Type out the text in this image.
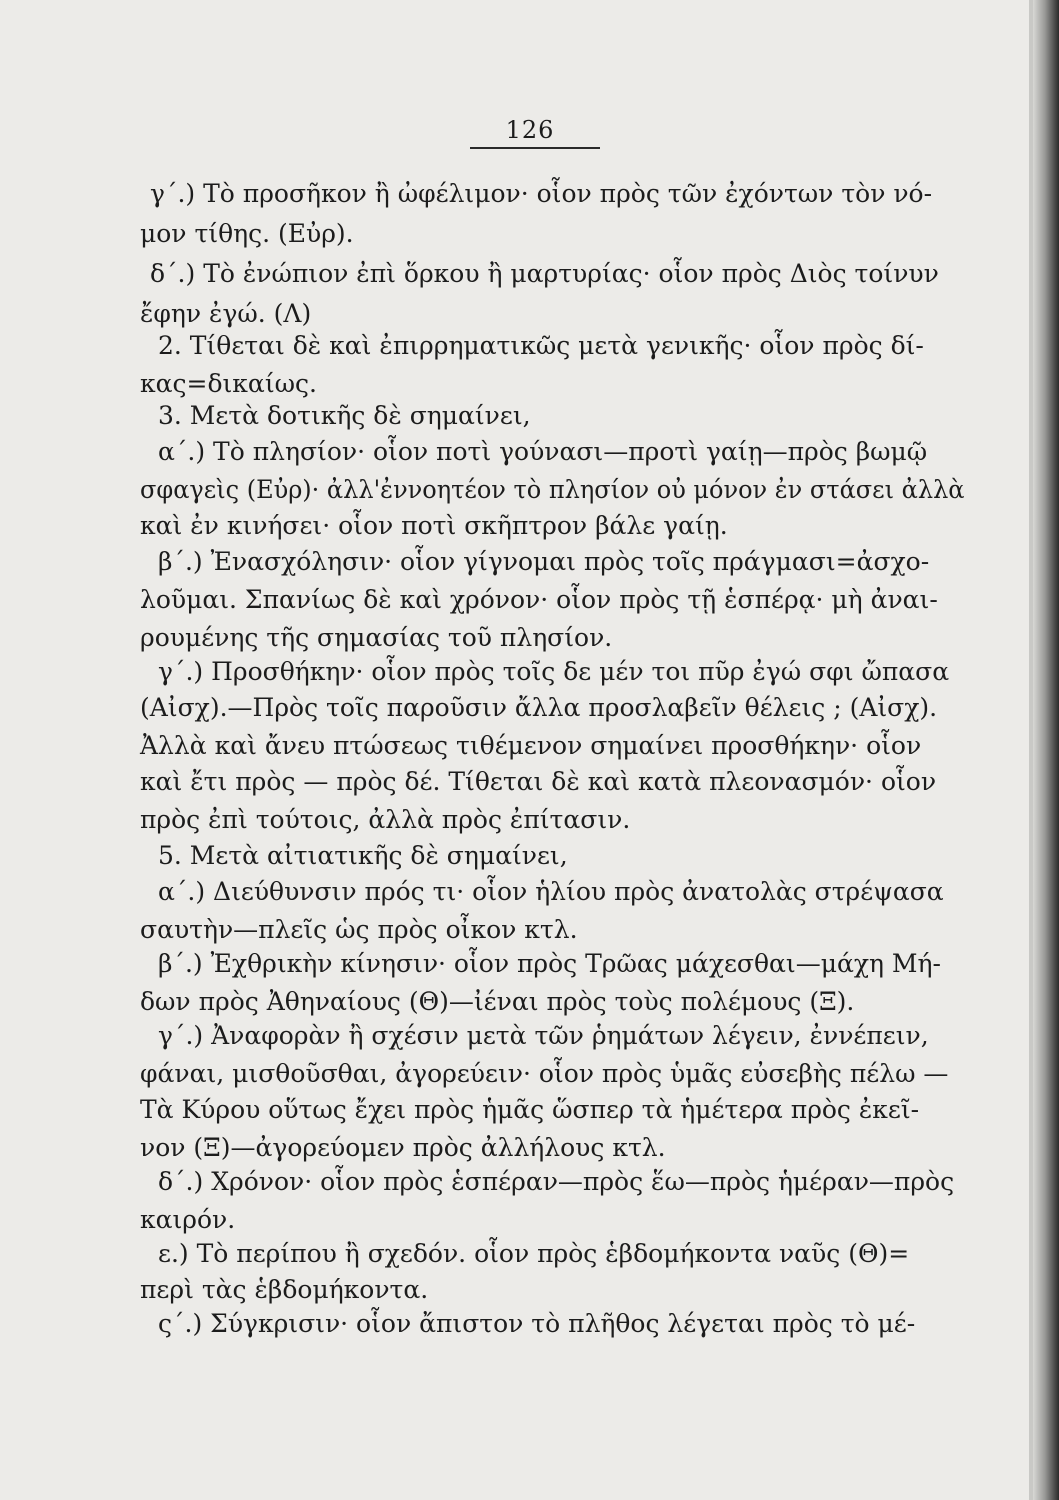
126
γ΄.) Τὸ προσῆκον ἢ ὠφέλιμον· οἷον πρὸς τῶν ἐχόντων τὸν νό-
μον τίθης. (Εὐρ).
δ΄.) Τὸ ἐνώπιον ἐπὶ ὅρκου ἢ μαρτυρίας· οἷον πρὸς Διὸς τοίνυν
ἔφην ἐγώ. (Λ)
2. Τίθεται δὲ καὶ ἐπιρρηματικῶς μετὰ γενικῆς· οἷον πρὸς δί-
κας=δικαίως.
3. Μετὰ δοτικῆς δὲ σημαίνει,
α΄.) Τὸ πλησίον· οἷον ποτὶ γούνασι—προτὶ γαίῃ—πρὸς βωμῷ
σφαγεὶς (Εὐρ)· ἀλλ'ἐννοητέον τὸ πλησίον οὐ μόνον ἐν στάσει ἀλλὰ
καὶ ἐν κινήσει· οἷον ποτὶ σκῆπτρον βάλε γαίῃ.
β΄.) Ἐνασχόλησιν· οἷον γίγνομαι πρὸς τοῖς πράγμασι=ἀσχο-
λοῦμαι. Σπανίως δὲ καὶ χρόνον· οἷον πρὸς τῇ ἑσπέρᾳ· μὴ ἀναι-
ρουμένης τῆς σημασίας τοῦ πλησίον.
γ΄.) Προσθήκην· οἷον πρὸς τοῖς δε μέν τοι πῦρ ἐγώ σφι ὤπασα
(Αἰσχ).—Πρὸς τοῖς παροῦσιν ἄλλα προσλαβεῖν θέλεις ; (Αἰσχ).
Ἀλλὰ καὶ ἄνευ πτώσεως τιθέμενον σημαίνει προσθήκην· οἷον
καὶ ἔτι πρὸς — πρὸς δέ. Τίθεται δὲ καὶ κατὰ πλεονασμόν· οἷον
πρὸς ἐπὶ τούτοις, ἀλλὰ πρὸς ἐπίτασιν.
5. Μετὰ αἰτιατικῆς δὲ σημαίνει,
α΄.) Διεύθυνσιν πρός τι· οἷον ἡλίου πρὸς ἀνατολὰς στρέψασα
σαυτὴν—πλεῖς ὡς πρὸς οἶκον κτλ.
β΄.) Ἐχθρικὴν κίνησιν· οἷον πρὸς Τρῶας μάχεσθαι—μάχη Μή-
δων πρὸς Ἀθηναίους (Θ)—ἰέναι πρὸς τοὺς πολέμους (Ξ).
γ΄.) Ἀναφορὰν ἢ σχέσιν μετὰ τῶν ῥημάτων λέγειν, ἐννέπειν,
φάναι, μισθοῦσθαι, ἀγορεύειν· οἷον πρὸς ὑμᾶς εὐσεβὴς πέλω —
Τὰ Κύρου οὕτως ἔχει πρὸς ἡμᾶς ὥσπερ τὰ ἡμέτερα πρὸς ἐκεῖ-
νον (Ξ)—ἀγορεύομεν πρὸς ἀλλήλους κτλ.
δ΄.) Χρόνον· οἷον πρὸς ἑσπέραν—πρὸς ἕω—πρὸς ἡμέραν—πρὸς
καιρόν.
ε.) Τὸ περίπου ἢ σχεδόν. οἷον πρὸς ἑβδομήκοντα ναῦς (Θ)=
περὶ τὰς ἑβδομήκοντα.
ς΄.) Σύγκρισιν· οἷον ἄπιστον τὸ πλῆθος λέγεται πρὸς τὸ μέ-
